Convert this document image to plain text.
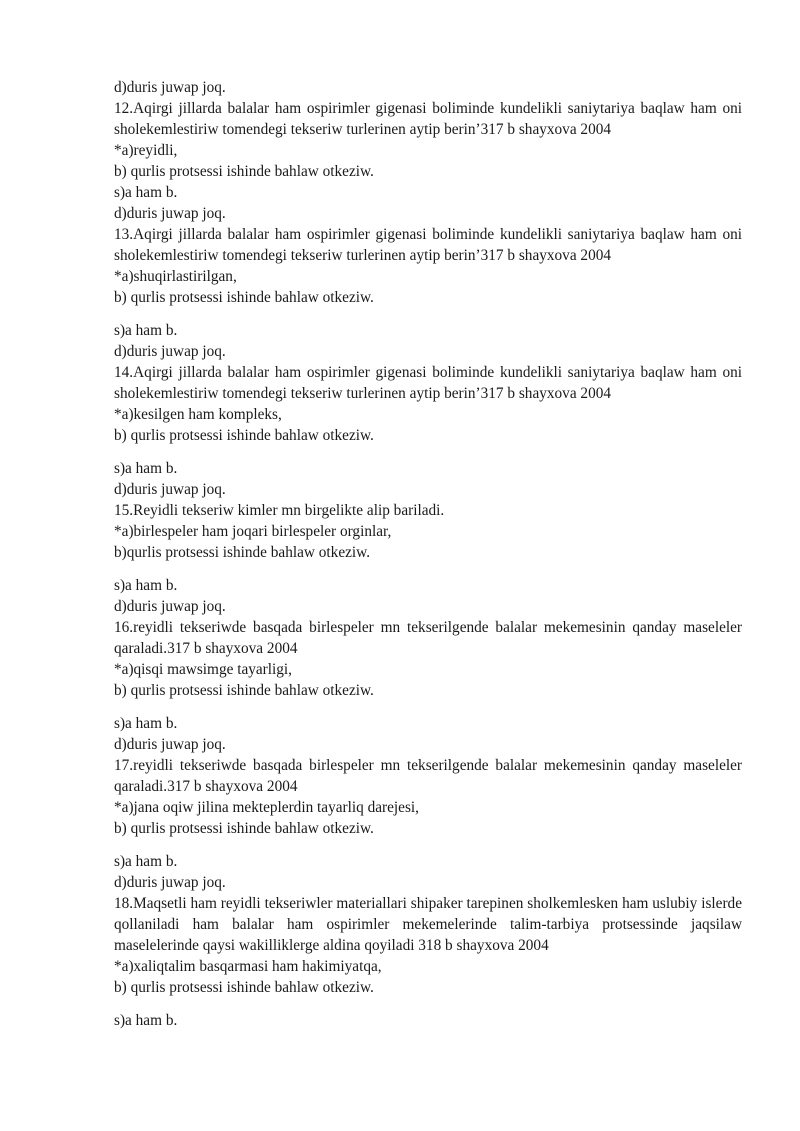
d)duris juwap joq.

12.Aqirgi jillarda balalar ham ospirimler gigenasi boliminde kundelikli saniytariya baqlaw ham oni sholekemlestiriw tomendegi tekseriw turlerinen aytip berin’317 b shayxova 2004

*a)reyidli,
b) qurlis protsessi ishinde bahlaw otkeziw.
s)a ham b.
d)duris juwap joq.

13.Aqirgi jillarda balalar ham ospirimler gigenasi boliminde kundelikli saniytariya baqlaw ham oni sholekemlestiriw tomendegi tekseriw turlerinen aytip berin’317 b shayxova 2004

*a)shuqirlastirilgan,
b) qurlis protsessi ishinde bahlaw otkeziw.
s)a ham b.
d)duris juwap joq.

14.Aqirgi jillarda balalar ham ospirimler gigenasi boliminde kundelikli saniytariya baqlaw ham oni sholekemlestiriw tomendegi tekseriw turlerinen aytip berin’317 b shayxova 2004

*a)kesilgen ham kompleks,
b) qurlis protsessi ishinde bahlaw otkeziw.
s)a ham b.
d)duris juwap joq.

15.Reyidli tekseriw kimler mn birgelikte alip bariladi.

*a)birlespeler ham joqari birlespeler orginlar,
b)qurlis protsessi ishinde bahlaw otkeziw.
s)a ham b.
d)duris juwap joq.

16.reyidli tekseriwde basqada birlespeler mn tekserilgende balalar mekemesinin qanday maseleler qaraladi.317 b shayxova 2004

*a)qisqi mawsimge tayarligi,
b) qurlis protsessi ishinde bahlaw otkeziw.
s)a ham b.
d)duris juwap joq.

17.reyidli tekseriwde basqada birlespeler mn tekserilgende balalar mekemesinin qanday maseleler qaraladi.317 b shayxova 2004

*a)jana oqiw jilina mekteplerdin tayarliq darejesi,
b) qurlis protsessi ishinde bahlaw otkeziw.
s)a ham b.
d)duris juwap joq.

18.Maqsetli ham reyidli tekseriwler materiallari shipaker tarepinen sholkemlesken ham uslubiy islerde qollaniladi ham balalar ham ospirimler mekemelerinde talim-tarbiya protsessinde jaqsilaw maselelerinde qaysi wakilliklerge aldina qoyiladi 318 b shayxova 2004

*a)xaliqtalim basqarmasi ham hakimiyatqa,
b) qurlis protsessi ishinde bahlaw otkeziw.
s)a ham b.
